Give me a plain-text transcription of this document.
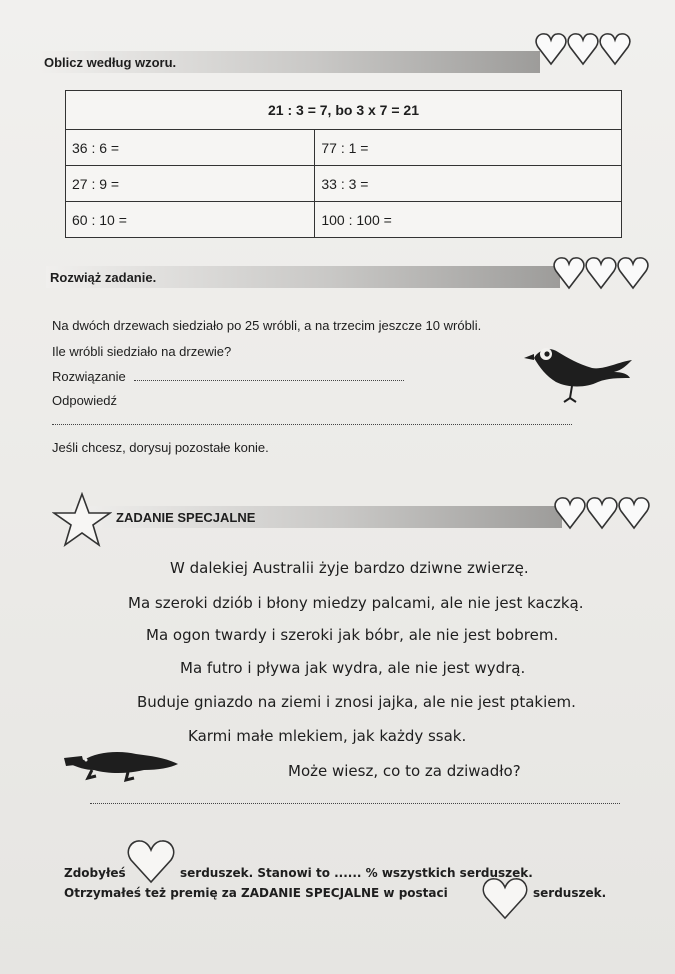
Oblicz według wzoru.
21 : 3 = 7, bo 3 x 7 = 21	
36 : 6 =	77 : 1 =
27 : 9 =	33 : 3 =
60 : 10 =	100 : 100 =
Rozwiąż zadanie.
Na dwóch drzewach siedziało po 25 wróbli, a na trzecim jeszcze 10 wróbli.
Ile wróbli siedziało na drzewie?
Rozwiązanie
Odpowiedź
Jeśli chcesz, dorysuj pozostałe konie.
ZADANIE SPECJALNE
W dalekiej Australii żyje bardzo dziwne zwierzę.
Ma szeroki dziób i błony miedzy palcami, ale nie jest kaczką.
Ma ogon twardy i szeroki jak bóbr, ale nie jest bobrem.
Ma futro i pływa jak wydra, ale nie jest wydrą.
Buduje gniazdo na ziemi i znosi jajka, ale nie jest ptakiem.
Karmi małe mlekiem, jak każdy ssak.
Może wiesz, co to za dziwadło?
Zdobyłeś	serduszek. Stanowi to ...... % wszystkich serduszek.
Otrzymałeś też premię za ZADANIE SPECJALNE w postaci	serduszek.
